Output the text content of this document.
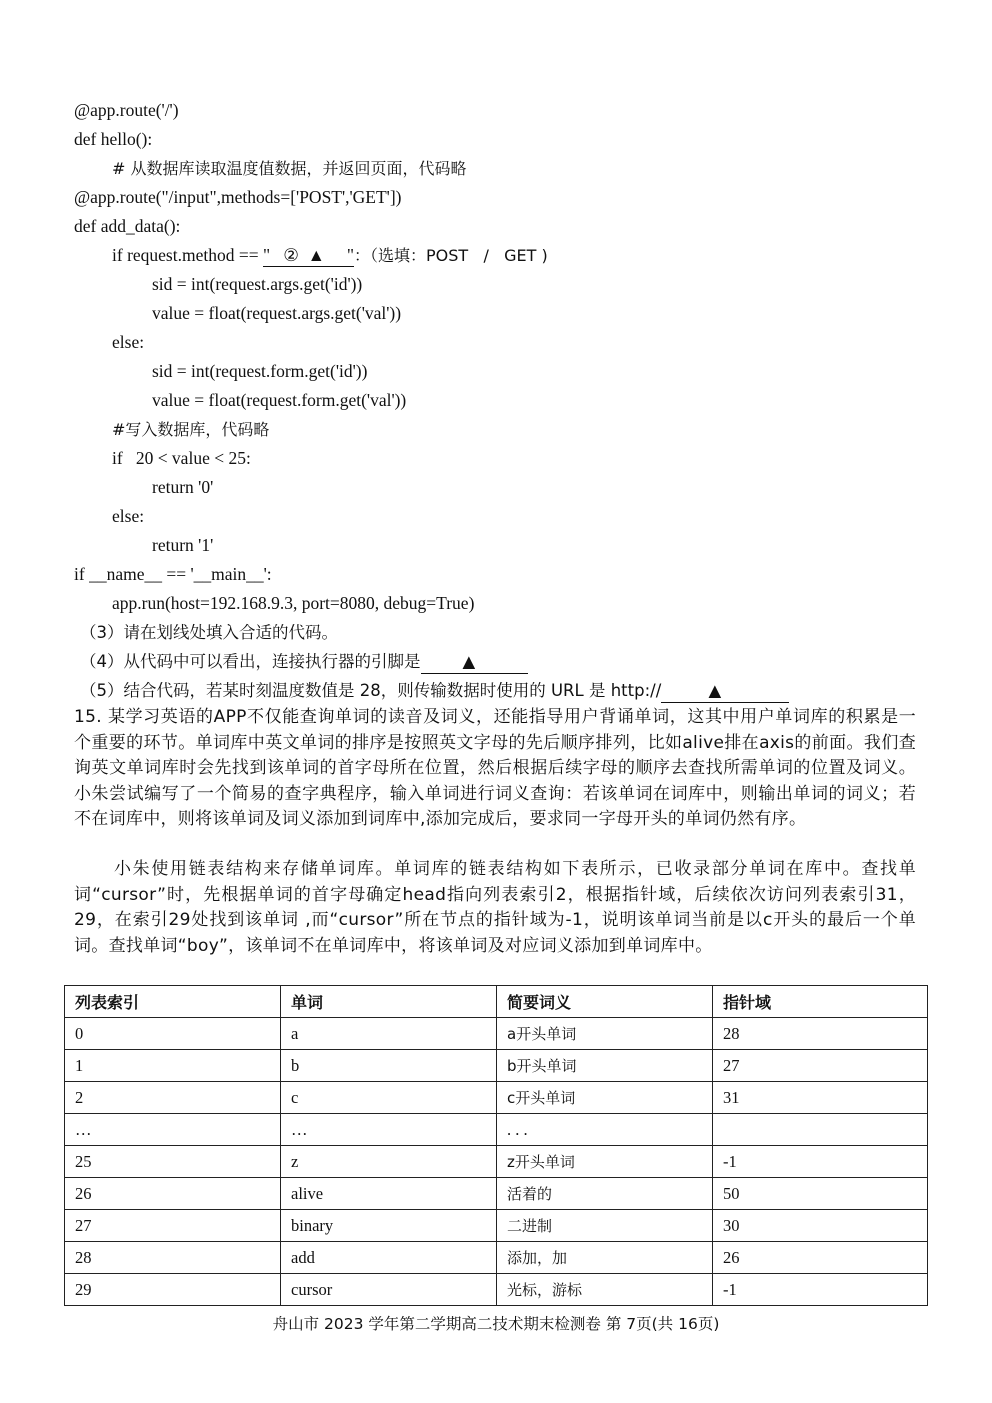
@app.route('/')
def hello():
# 从数据库读取温度值数据，并返回页面，代码略
@app.route("/input",methods=['POST','GET'])
def add_data():
if request.method == "   ②  ▲     "：（选填：POST   /   GET )
sid = int(request.args.get('id'))
value = float(request.args.get('val'))
else:
sid = int(request.form.get('id'))
value = float(request.form.get('val'))
#写入数据库，代码略
if   20 < value < 25:
return '0'
else:
return '1'
if __name__ == '__main__':
app.run(host=192.168.9.3, port=8080, debug=True)
（3）请在划线处填入合适的代码。
（4）从代码中可以看出，连接执行器的引脚是        ▲
（5）结合代码，若某时刻温度数值是 28，则传输数据时使用的 URL 是 http://         ▲
15. 某学习英语的APP不仅能查询单词的读音及词义，还能指导用户背诵单词，这其中用户单词库的积累是一个重要的环节。单词库中英文单词的排序是按照英文字母的先后顺序排列，比如alive排在axis的前面。我们查询英文单词库时会先找到该单词的首字母所在位置，然后根据后续字母的顺序去查找所需单词的位置及词义。小朱尝试编写了一个简易的查字典程序，输入单词进行词义查询：若该单词在词库中，则输出单词的词义；若不在词库中，则将该单词及词义添加到词库中,添加完成后，要求同一字母开头的单词仍然有序。
小朱使用链表结构来存储单词库。单词库的链表结构如下表所示，已收录部分单词在库中。查找单词“cursor”时，先根据单词的首字母确定head指向列表索引2，根据指针域，后续依次访问列表索引31，29，在索引29处找到该单词 ,而“cursor”所在节点的指针域为-1，说明该单词当前是以c开头的最后一个单词。查找单词“boy”，该单词不在单词库中，将该单词及对应词义添加到单词库中。
列表索引	单词	简要词义	指针域
0	a	a开头单词	28
1	b	b开头单词	27
2	c	c开头单词	31
…	…	. . .	
25	z	z开头单词	-1
26	alive	活着的	50
27	binary	二进制	30
28	add	添加，加	26
29	cursor	光标，游标	-1
舟山市 2023 学年第二学期高二技术期末检测卷 第 7页(共 16页)
